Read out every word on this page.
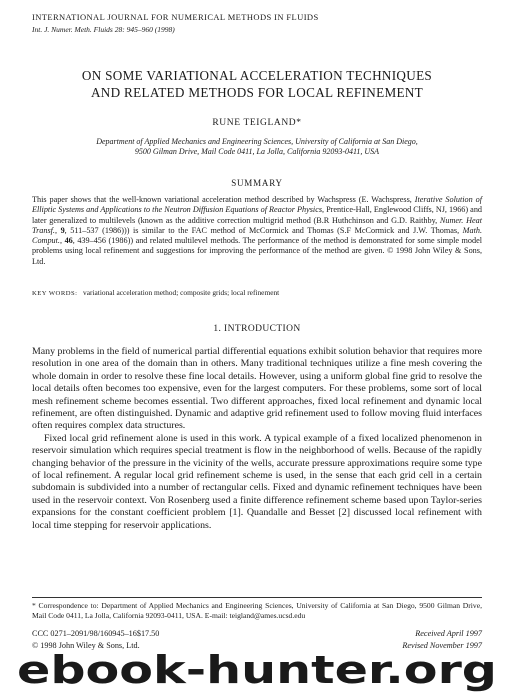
INTERNATIONAL JOURNAL FOR NUMERICAL METHODS IN FLUIDS
Int. J. Numer. Meth. Fluids 28: 945–960 (1998)
ON SOME VARIATIONAL ACCELERATION TECHNIQUES
AND RELATED METHODS FOR LOCAL REFINEMENT
RUNE TEIGLAND*
Department of Applied Mechanics and Engineering Sciences, University of California at San Diego,
9500 Gilman Drive, Mail Code 0411, La Jolla, California 92093-0411, USA
SUMMARY
This paper shows that the well-known variational acceleration method described by Wachspress (E. Wachspress, Iterative Solution of Elliptic Systems and Applications to the Neutron Diffusion Equations of Reactor Physics, Prentice-Hall, Englewood Cliffs, NJ, 1966) and later generalized to multilevels (known as the additive correction multigrid method (B.R Huthchinson and G.D. Raithby, Numer. Heat Transf., 9, 511–537 (1986))) is similar to the FAC method of McCormick and Thomas (S.F McCormick and J.W. Thomas, Math. Comput., 46, 439–456 (1986)) and related multilevel methods. The performance of the method is demonstrated for some simple model problems using local refinement and suggestions for improving the performance of the method are given. © 1998 John Wiley & Sons, Ltd.
KEY WORDS: variational acceleration method; composite grids; local refinement
1. INTRODUCTION

Many problems in the field of numerical partial differential equations exhibit solution behavior that requires more resolution in one area of the domain than in others. Many traditional techniques utilize a fine mesh covering the whole domain in order to resolve these fine local details. However, using a uniform global fine grid to resolve the local details often becomes too expensive, even for the largest computers. For these problems, some sort of local mesh refinement scheme becomes essential. Two different approaches, fixed local refinement and dynamic local refinement, are often distinguished. Dynamic and adaptive grid refinement used to follow moving fluid interfaces often requires complex data structures.

Fixed local grid refinement alone is used in this work. A typical example of a fixed localized phenomenon in reservoir simulation which requires special treatment is flow in the neighborhood of wells. Because of the rapidly changing behavior of the pressure in the vicinity of the wells, accurate pressure approximations require some type of local refinement. A regular local grid refinement scheme is used, in the sense that each grid cell in a certain subdomain is subdivided into a number of rectangular cells. Fixed and dynamic refinement techniques have been used in the reservoir context. Von Rosenberg used a finite difference refinement scheme based upon Taylor-series expansions for the constant coefficient problem [1]. Quandalle and Besset [2] discussed local refinement with local time stepping for reservoir applications.

* Correspondence to: Department of Applied Mechanics and Engineering Sciences, University of California at San Diego, 9500 Gilman Drive, Mail Code 0411, La Jolla, California 92093-0411, USA. E-mail: teigland@ames.ucsd.edu
CCC 0271–2091/98/160945–16$17.50
© 1998 John Wiley & Sons, Ltd.
Received April 1997
Revised November 1997
ebook-hunter.org
